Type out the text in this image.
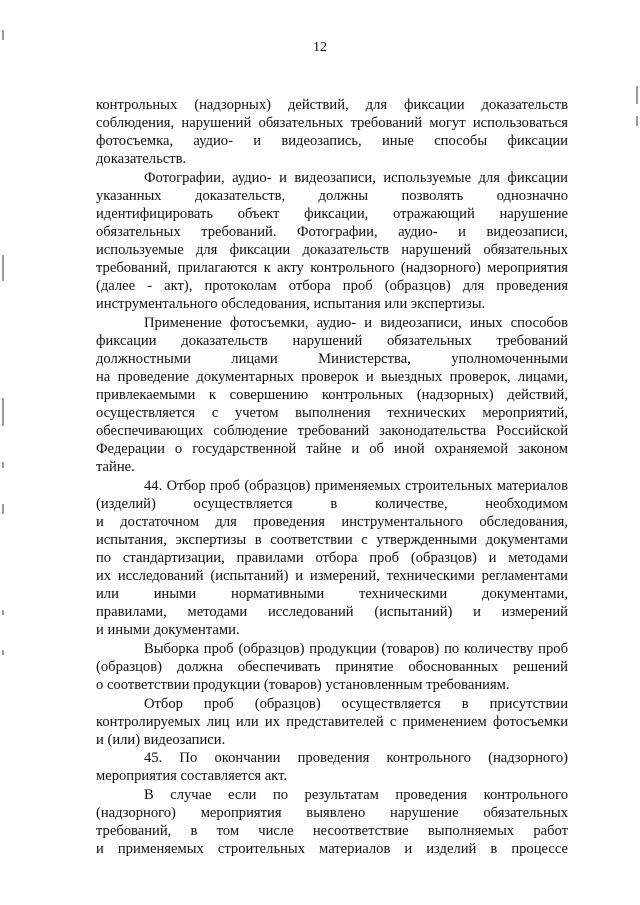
12
контрольных (надзорных) действий, для фиксации доказательств
соблюдения, нарушений обязательных требований могут использоваться
фотосъемка, аудио- и видеозапись, иные способы фиксации
доказательств.
Фотографии, аудио- и видеозаписи, используемые для фиксации
указанных доказательств, должны позволять однозначно
идентифицировать объект фиксации, отражающий нарушение
обязательных требований. Фотографии, аудио- и видеозаписи,
используемые для фиксации доказательств нарушений обязательных
требований, прилагаются к акту контрольного (надзорного) мероприятия
(далее - акт), протоколам отбора проб (образцов) для проведения
инструментального обследования, испытания или экспертизы.
Применение фотосъемки, аудио- и видеозаписи, иных способов
фиксации доказательств нарушений обязательных требований
должностными лицами Министерства, уполномоченными
на проведение документарных проверок и выездных проверок, лицами,
привлекаемыми к совершению контрольных (надзорных) действий,
осуществляется с учетом выполнения технических мероприятий,
обеспечивающих соблюдение требований законодательства Российской
Федерации о государственной тайне и об иной охраняемой законом
тайне.
44. Отбор проб (образцов) применяемых строительных материалов
(изделий) осуществляется в количестве, необходимом
и достаточном для проведения инструментального обследования,
испытания, экспертизы в соответствии с утвержденными документами
по стандартизации, правилами отбора проб (образцов) и методами
их исследований (испытаний) и измерений, техническими регламентами
или иными нормативными техническими документами,
правилами, методами исследований (испытаний) и измерений
и иными документами.
Выборка проб (образцов) продукции (товаров) по количеству проб
(образцов) должна обеспечивать принятие обоснованных решений
о соответствии продукции (товаров) установленным требованиям.
Отбор проб (образцов) осуществляется в присутствии
контролируемых лиц или их представителей с применением фотосъемки
и (или) видеозаписи.
45. По окончании проведения контрольного (надзорного)
мероприятия составляется акт.
В случае если по результатам проведения контрольного
(надзорного) мероприятия выявлено нарушение обязательных
требований, в том числе несоответствие выполняемых работ
и применяемых строительных материалов и изделий в процессе
